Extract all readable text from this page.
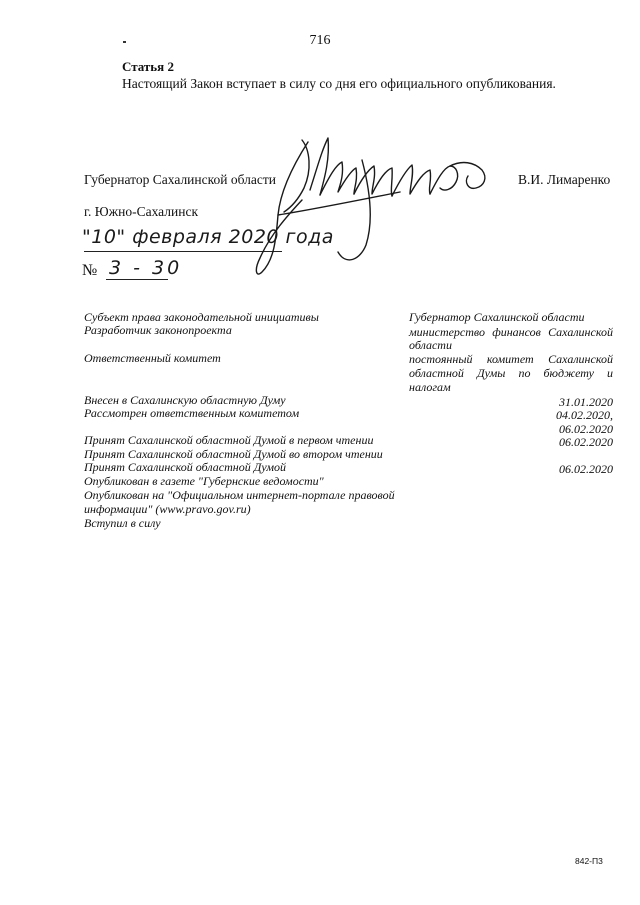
716
Статья 2
Настоящий Закон вступает в силу со дня его официального опубликования.
Губернатор Сахалинской области	В.И. Лимаренко
г. Южно-Сахалинск
"10" февраля 2020 года
№ 3 - 30
Субъект права законодательной инициативы	Губернатор Сахалинской области
Разработчик законопроекта	министерство финансов Сахалинской
области
Ответственный комитет	постоянный комитет Сахалинской
областной Думы по бюджету и
налогам
Внесен в Сахалинскую областную Думу	31.01.2020
Рассмотрен ответственным комитетом	04.02.2020,
06.02.2020
Принят Сахалинской областной Думой в первом чтении	06.02.2020
Принят Сахалинской областной Думой во втором чтении
Принят Сахалинской областной Думой	06.02.2020
Опубликован в газете "Губернские ведомости"
Опубликован на "Официальном интернет-портале правовой
информации" (www.pravo.gov.ru)
Вступил в силу
842-П3
